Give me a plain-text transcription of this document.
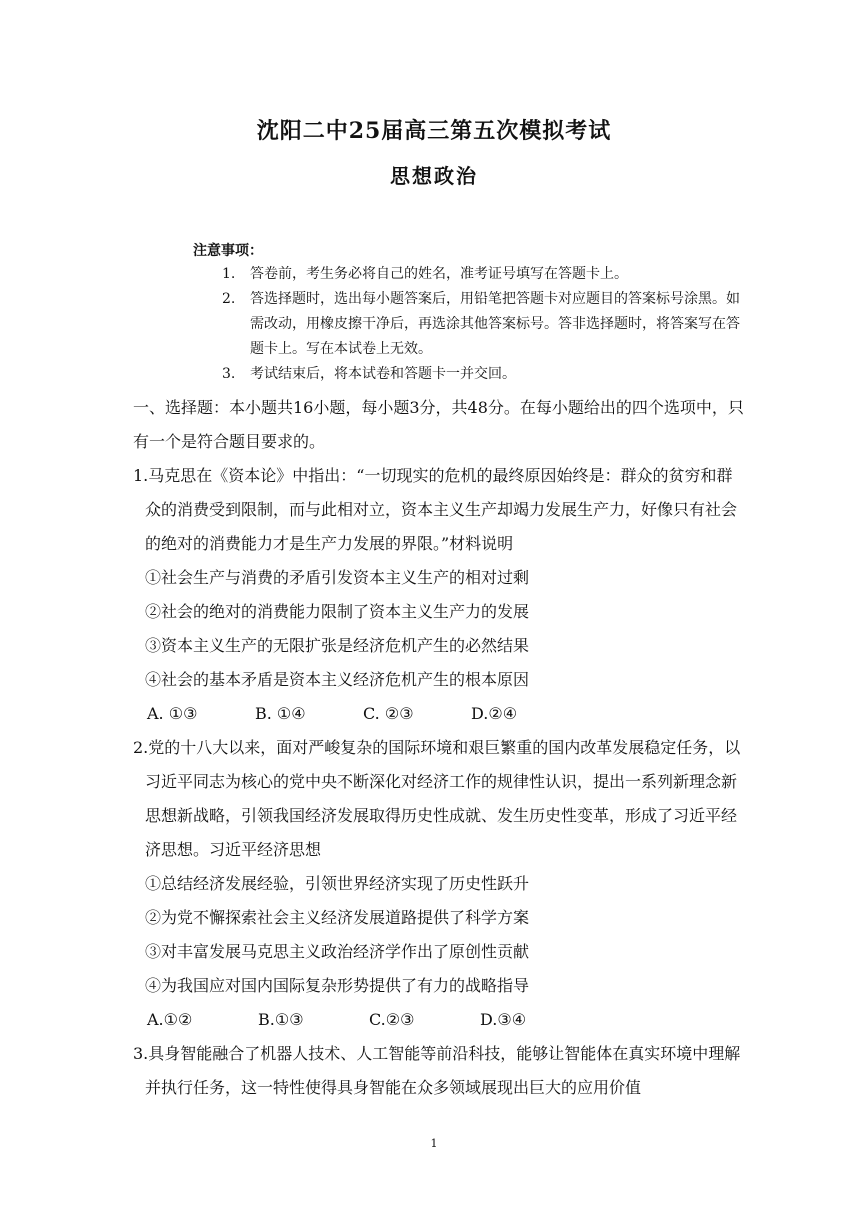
沈阳二中25届高三第五次模拟考试
思想政治
注意事项：
1. 答卷前，考生务必将自己的姓名，准考证号填写在答题卡上。
2. 答选择题时，选出每小题答案后，用铅笔把答题卡对应题目的答案标号涂黑。如需改动，用橡皮擦干净后，再选涂其他答案标号。答非选择题时，将答案写在答题卡上。写在本试卷上无效。
3. 考试结束后，将本试卷和答题卡一并交回。

一、选择题：本小题共16小题，每小题3分，共48分。在每小题给出的四个选项中，只有一个是符合题目要求的。

1.马克思在《资本论》中指出：“一切现实的危机的最终原因始终是：群众的贫穷和群众的消费受到限制，而与此相对立，资本主义生产却竭力发展生产力，好像只有社会的绝对的消费能力才是生产力发展的界限。”材料说明

①社会生产与消费的矛盾引发资本主义生产的相对过剩

②社会的绝对的消费能力限制了资本主义生产力的发展

③资本主义生产的无限扩张是经济危机产生的必然结果

④社会的基本矛盾是资本主义经济危机产生的根本原因

A. ①③	B. ①④	C. ②③	D.②④

2.党的十八大以来，面对严峻复杂的国际环境和艰巨繁重的国内改革发展稳定任务，以习近平同志为核心的党中央不断深化对经济工作的规律性认识，提出一系列新理念新思想新战略，引领我国经济发展取得历史性成就、发生历史性变革，形成了习近平经济思想。习近平经济思想

①总结经济发展经验，引领世界经济实现了历史性跃升

②为党不懈探索社会主义经济发展道路提供了科学方案

③对丰富发展马克思主义政治经济学作出了原创性贡献

④为我国应对国内国际复杂形势提供了有力的战略指导

A.①②	B.①③	C.②③	D.③④

3.具身智能融合了机器人技术、人工智能等前沿科技，能够让智能体在真实环境中理解并执行任务，这一特性使得具身智能在众多领域展现出巨大的应用价值

1
